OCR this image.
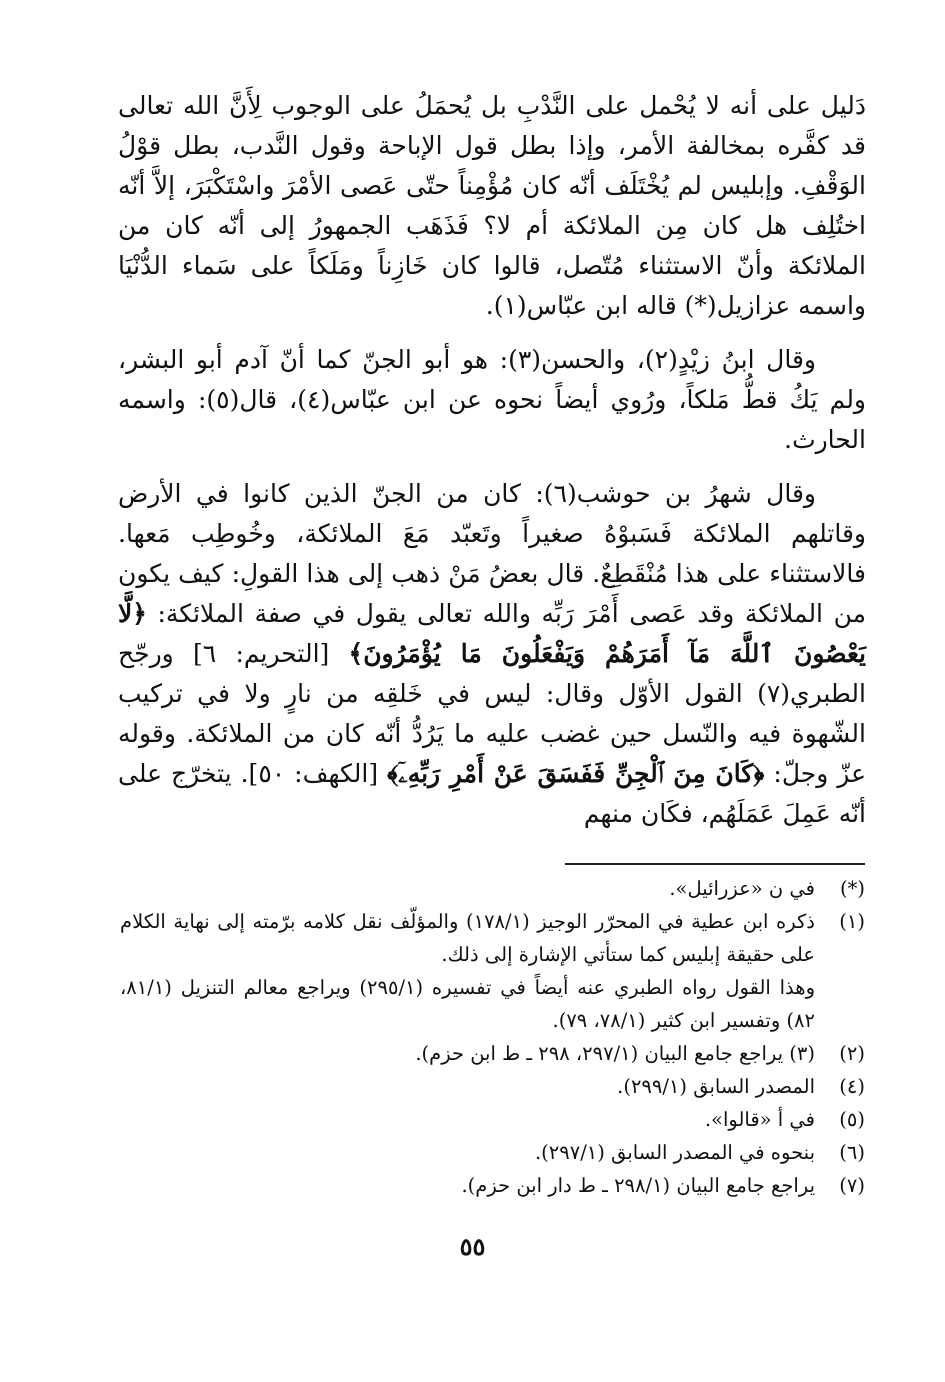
دَليل على أنه لا يُحْمل على النَّدْبِ بل يُحمَلُ على الوجوب لِأَنَّ الله تعالى قد كفَّره بمخالفة الأمر، وإذا بطل قول الإباحة وقول النَّدب، بطل قوْلُ الوَقْفِ. وإبليس لم يُخْتَلَف أنّه كان مُؤْمِناً حتّى عَصى الأمْرَ واسْتَكْبَرَ، إلاَّ أنّه اختُلِف هل كان مِن الملائكة أم لا؟ فَذَهَب الجمهورُ إلى أنّه كان من الملائكة وأنّ الاستثناء مُتّصل، قالوا كان خَازِناً ومَلَكاً على سَماء الدُّنْيَا واسمه عزازيل(*) قاله ابن عبّاس(١).

وقال ابنُ زيْدٍ(٢)، والحسن(٣): هو أبو الجنّ كما أنّ آدم أبو البشر، ولم يَكُ قطُّ مَلكاً، ورُوي أيضاً نحوه عن ابن عبّاس(٤)، قال(٥): واسمه الحارث.

وقال شهرُ بن حوشب(٦): كان من الجنّ الذين كانوا في الأرض وقاتلهم الملائكة فَسَبوْهُ صغيراً وتَعبّد مَعَ الملائكة، وخُوطِب مَعها. فالاستثناء على هذا مُنْقَطِعٌ. قال بعضُ مَنْ ذهب إلى هذا القولِ: كيف يكون من الملائكة وقد عَصى أَمْرَ رَبِّه والله تعالى يقول في صفة الملائكة: ﴿لَّا يَعْصُونَ ٱللَّهَ مَآ أَمَرَهُمْ وَيَفْعَلُونَ مَا يُؤْمَرُونَ﴾ [التحريم: ٦] ورجّح الطبري(٧) القول الأوّل وقال: ليس في خَلقِه من نارٍ ولا في تركيب الشّهوة فيه والنّسل حين غضب عليه ما يَرُدُّ أنّه كان من الملائكة. وقوله عزّ وجلّ: ﴿كَانَ مِنَ ٱلْجِنِّ فَفَسَقَ عَنْ أَمْرِ رَبِّهِۦٓ﴾ [الكهف: ٥٠]. يتخرّج على أنّه عَمِلَ عَمَلَهُم، فكَان منهم

(*)
في ن «عزرائيل».
(١)
ذكره ابن عطية في المحرّر الوجيز (١٧٨/١) والمؤلّف نقل كلامه برّمته إلى نهاية الكلام على حقيقة إبليس كما ستأتي الإشارة إلى ذلك.
وهذا القول رواه الطبري عنه أيضاً في تفسيره (٢٩٥/١) ويراجع معالم التنزيل (٨١/١، ٨٢) وتفسير ابن كثير (٧٨/١، ٧٩).
(٢)
(٣) يراجع جامع البيان (٢٩٧/١، ٢٩٨ ـ ط ابن حزم).
(٤)
المصدر السابق (٢٩٩/١).
(٥)
في أ «قالوا».
(٦)
بنحوه في المصدر السابق (٢٩٧/١).
(٧)
يراجع جامع البيان (٢٩٨/١ ـ ط دار ابن حزم).
٥٥
